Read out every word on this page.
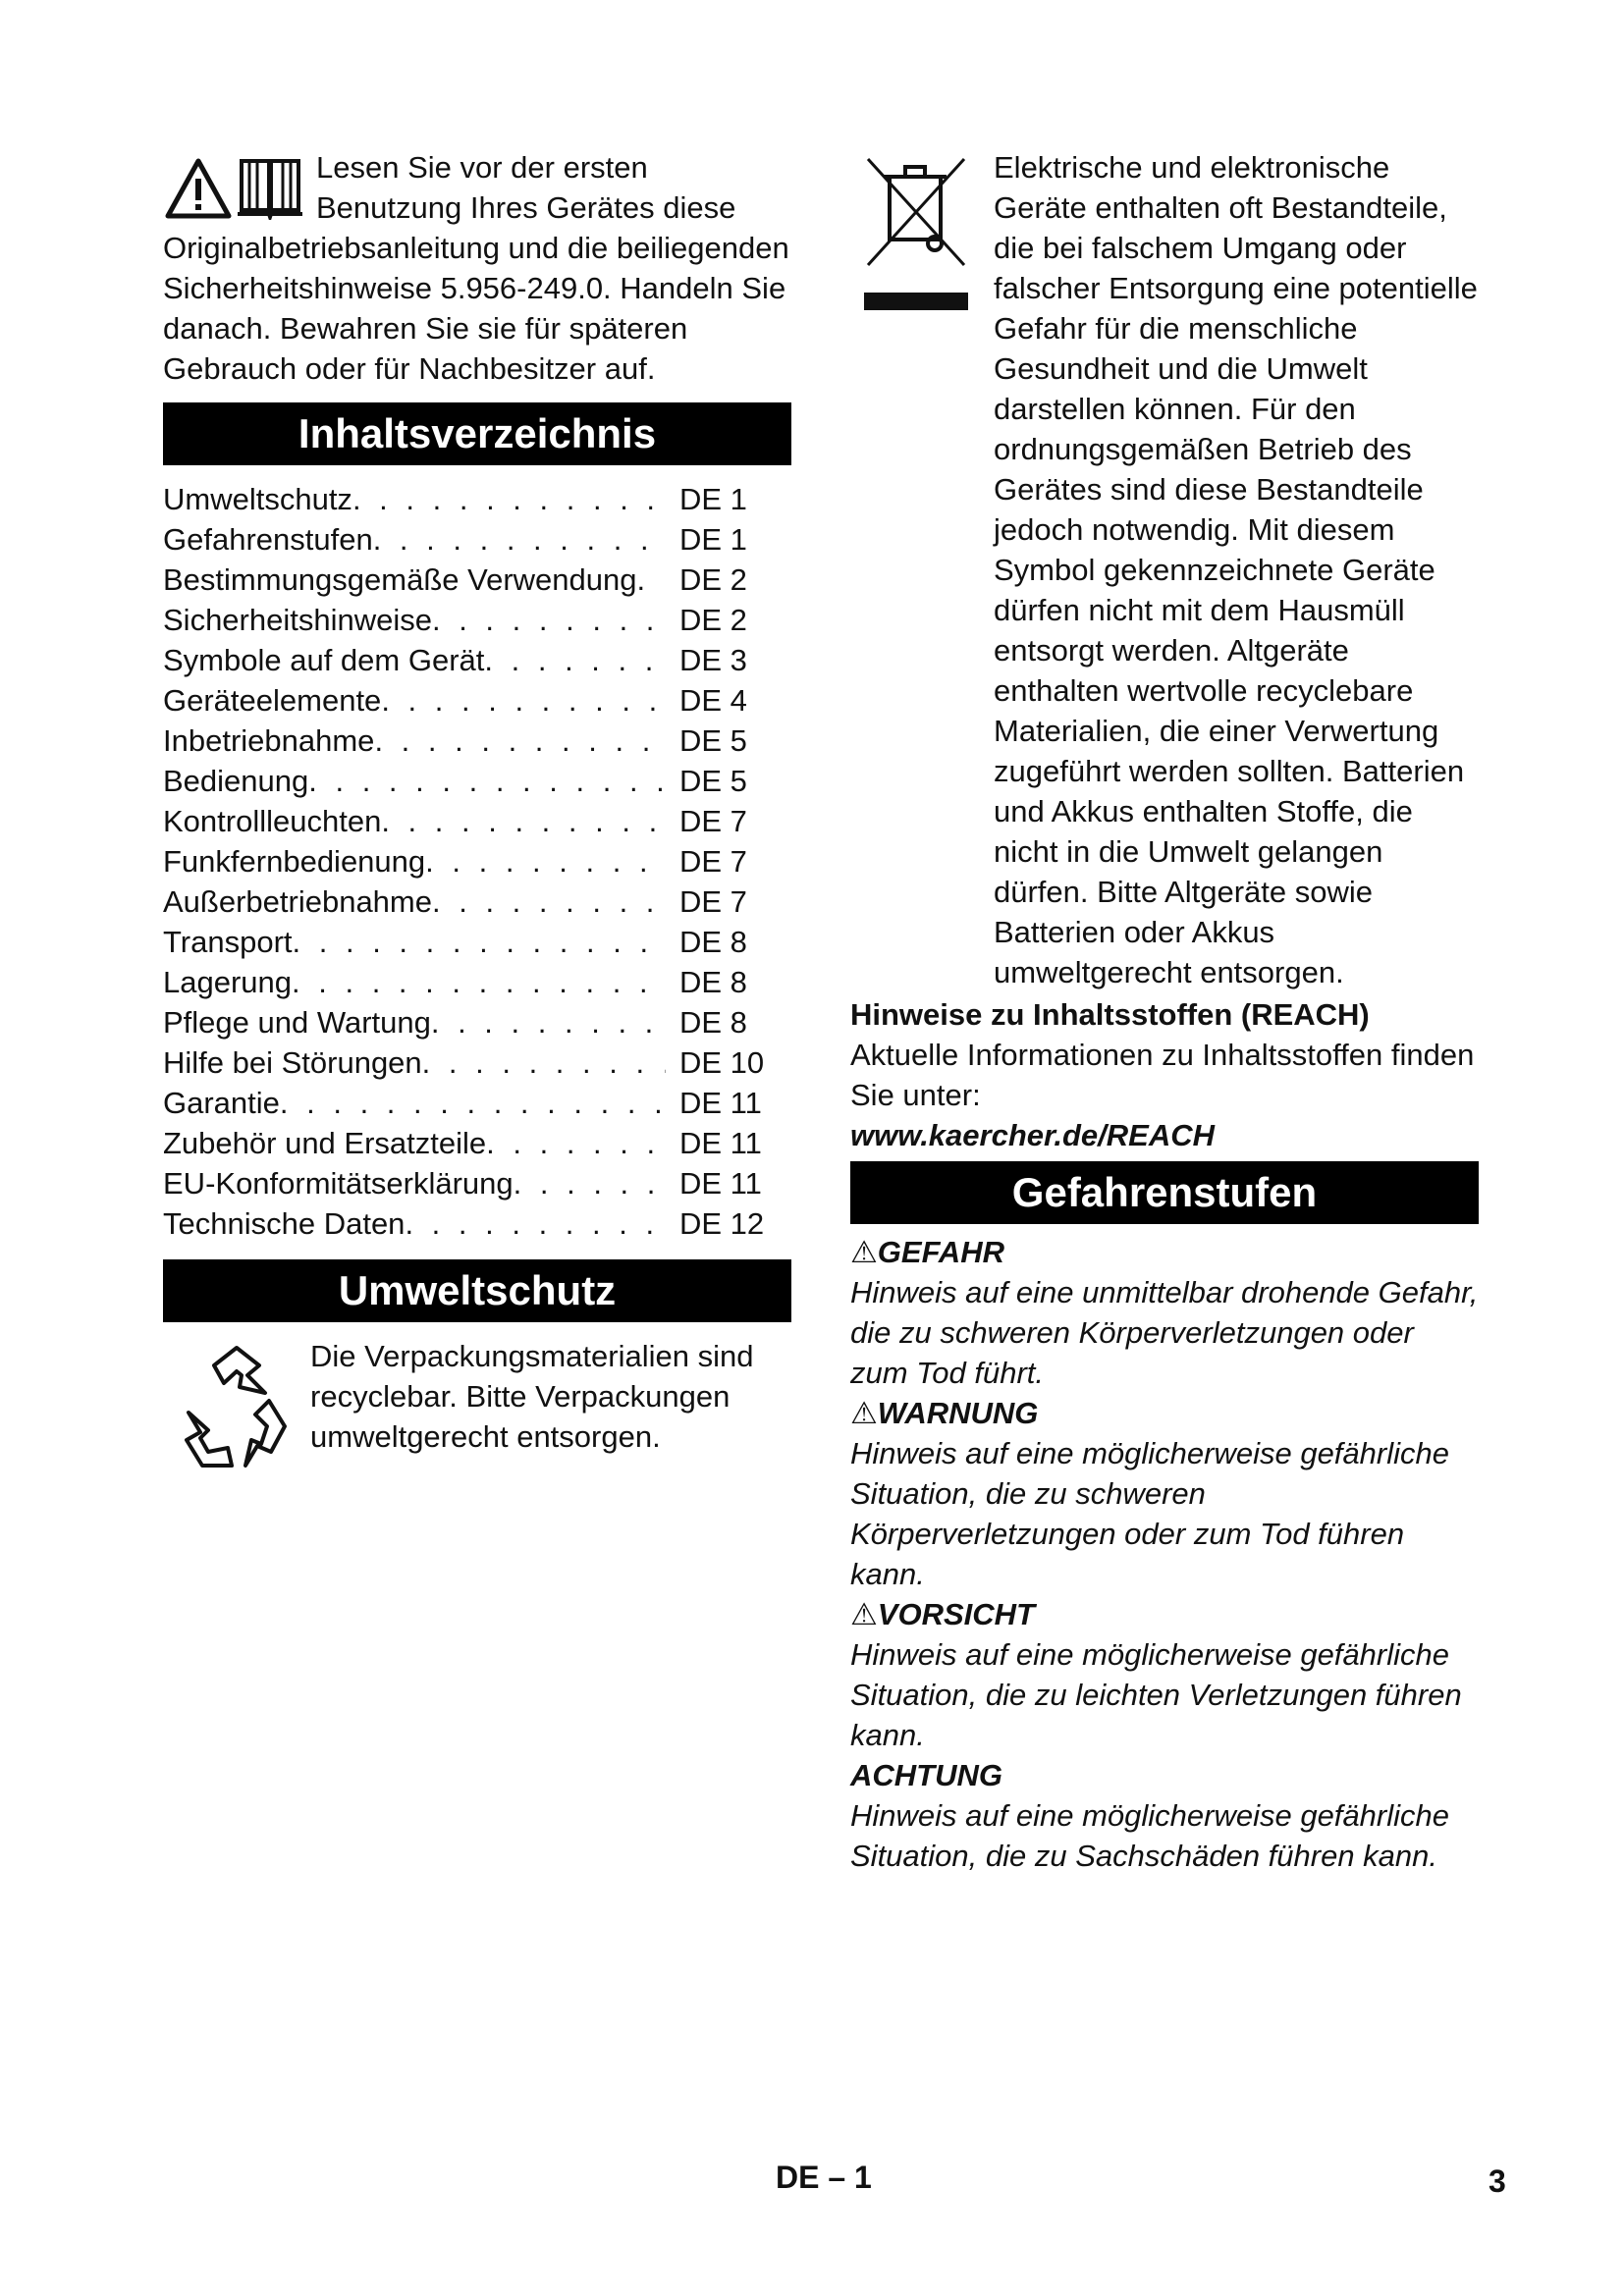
Lesen Sie vor der ersten Benutzung Ihres Gerätes diese Originalbetriebsanleitung und die beiliegenden Sicherheitshinweise 5.956-249.0. Handeln Sie danach. Bewahren Sie sie für späteren Gebrauch oder für Nachbesitzer auf.

Inhaltsverzeichnis
Umweltschutz . . .	DE 1
Gefahrenstufen . . .	DE 1
Bestimmungsgemäße Verwendung . . .	DE 2
Sicherheitshinweise . . .	DE 2
Symbole auf dem Gerät . . .	DE 3
Geräteelemente . . .	DE 4
Inbetriebnahme . . .	DE 5
Bedienung . . .	DE 5
Kontrollleuchten . . .	DE 7
Funkfernbedienung . . .	DE 7
Außerbetriebnahme . . .	DE 7
Transport . . .	DE 8
Lagerung . . .	DE 8
Pflege und Wartung . . .	DE 8
Hilfe bei Störungen . . .	DE 10
Garantie . . .	DE 11
Zubehör und Ersatzteile . . .	DE 11
EU-Konformitätserklärung . . .	DE 11
Technische Daten . . .	DE 12
Umweltschutz

Die Verpackungsmaterialien sind recyclebar. Bitte Verpackungen umweltgerecht entsorgen.

Elektrische und elektronische Geräte enthalten oft Bestandteile, die bei falschem Umgang oder falscher Entsorgung eine potentielle Gefahr für die menschliche Gesundheit und die Umwelt darstellen können. Für den ordnungsgemäßen Betrieb des Gerätes sind diese Bestandteile jedoch notwendig. Mit diesem Symbol gekennzeichnete Geräte dürfen nicht mit dem Hausmüll entsorgt werden. Altgeräte enthalten wertvolle recyclebare Materialien, die einer Verwertung zugeführt werden sollten. Batterien und Akkus enthalten Stoffe, die nicht in die Umwelt gelangen dürfen. Bitte Altgeräte sowie Batterien oder Akkus umweltgerecht entsorgen.

Hinweise zu Inhaltsstoffen (REACH)

Aktuelle Informationen zu Inhaltsstoffen finden Sie unter:

www.kaercher.de/REACH

Gefahrenstufen

⚠GEFAHR

Hinweis auf eine unmittelbar drohende Gefahr, die zu schweren Körperverletzungen oder zum Tod führt.

⚠WARNUNG

Hinweis auf eine möglicherweise gefährliche Situation, die zu schweren Körperverletzungen oder zum Tod führen kann.

⚠VORSICHT

Hinweis auf eine möglicherweise gefährliche Situation, die zu leichten Verletzungen führen kann.

ACHTUNG

Hinweis auf eine möglicherweise gefährliche Situation, die zu Sachschäden führen kann.

DE – 1	3
